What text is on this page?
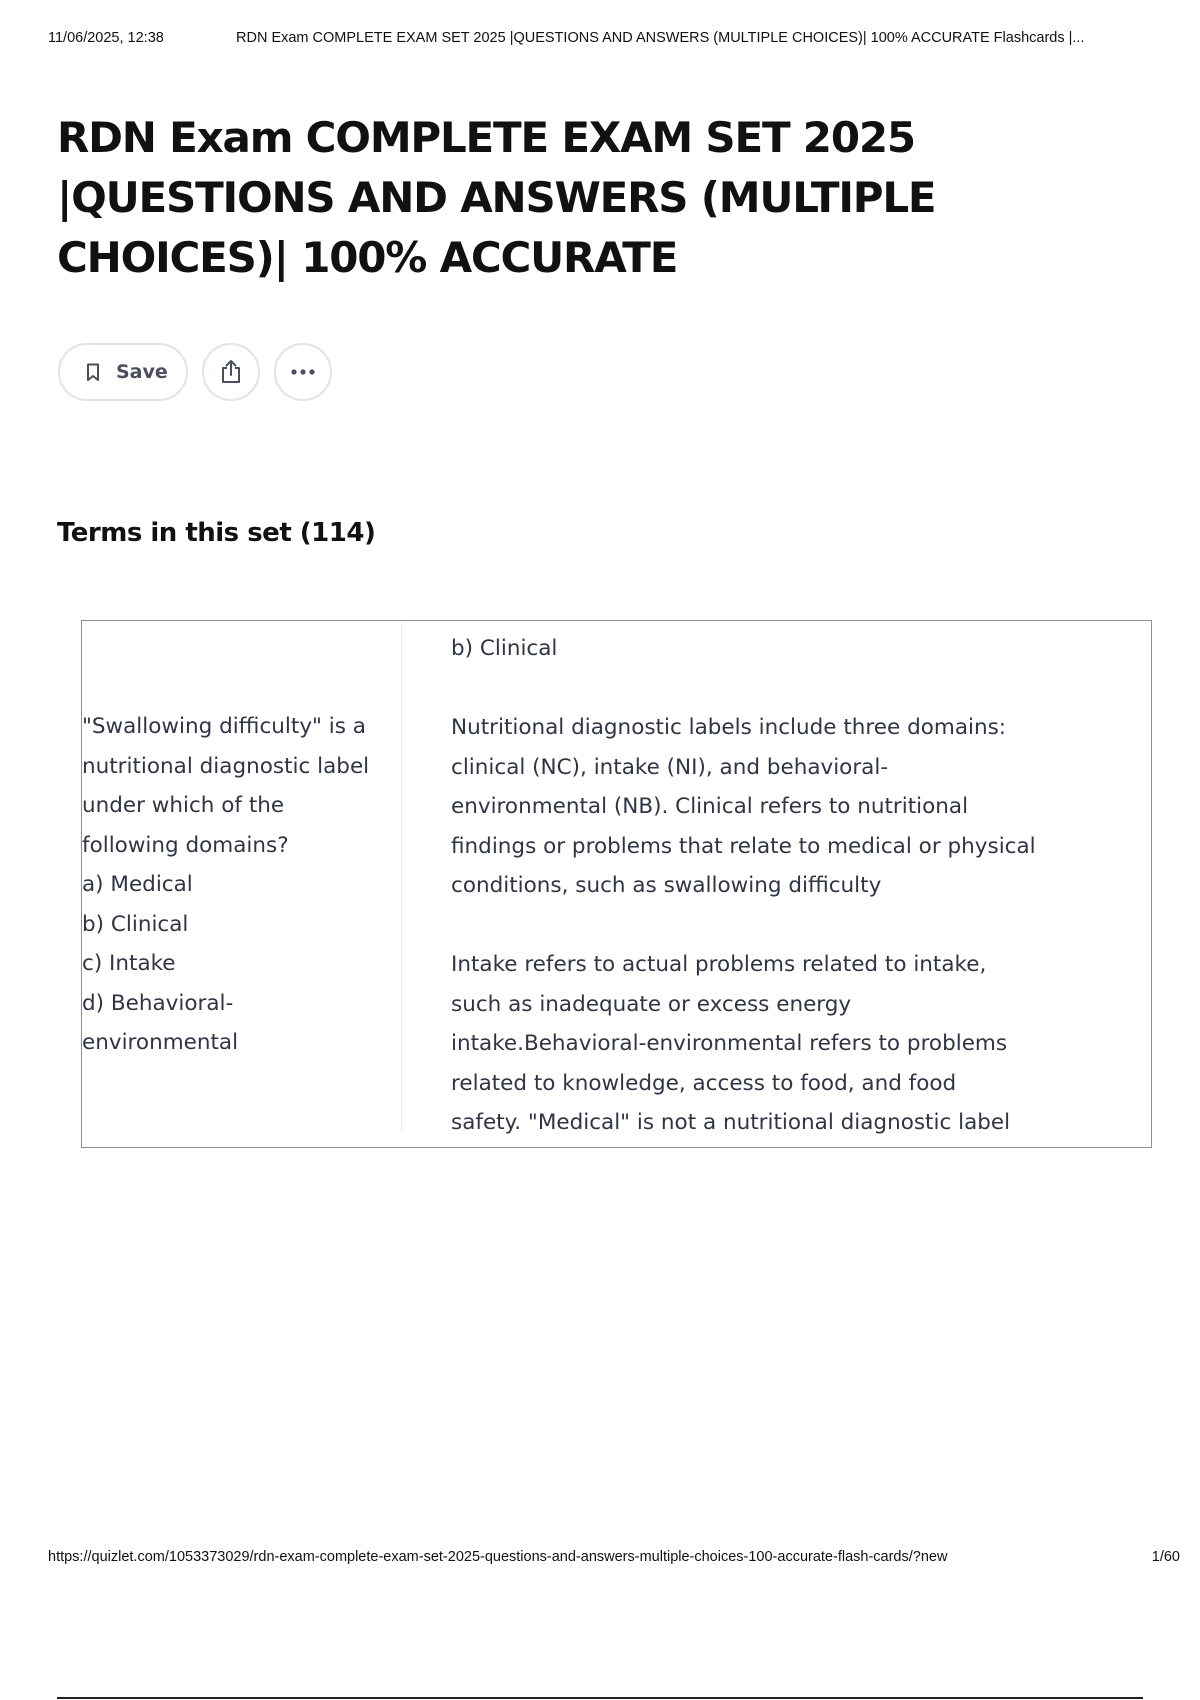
11/06/2025, 12:38	RDN Exam COMPLETE EXAM SET 2025 |QUESTIONS AND ANSWERS (MULTIPLE CHOICES)| 100% ACCURATE Flashcards |...
RDN Exam COMPLETE EXAM SET 2025
|QUESTIONS AND ANSWERS (MULTIPLE
CHOICES)| 100% ACCURATE
Save
Terms in this set (114)
"Swallowing difficulty" is a
nutritional diagnostic label
under which of the
following domains?
a) Medical
b) Clinical
c) Intake
d) Behavioral-
environmental
b) Clinical
Nutritional diagnostic labels include three domains:
clinical (NC), intake (NI), and behavioral-
environmental (NB). Clinical refers to nutritional
findings or problems that relate to medical or physical
conditions, such as swallowing difficulty
Intake refers to actual problems related to intake,
such as inadequate or excess energy
intake.Behavioral-environmental refers to problems
related to knowledge, access to food, and food
safety. "Medical" is not a nutritional diagnostic label
https://quizlet.com/1053373029/rdn-exam-complete-exam-set-2025-questions-and-answers-multiple-choices-100-accurate-flash-cards/?new	1/60
